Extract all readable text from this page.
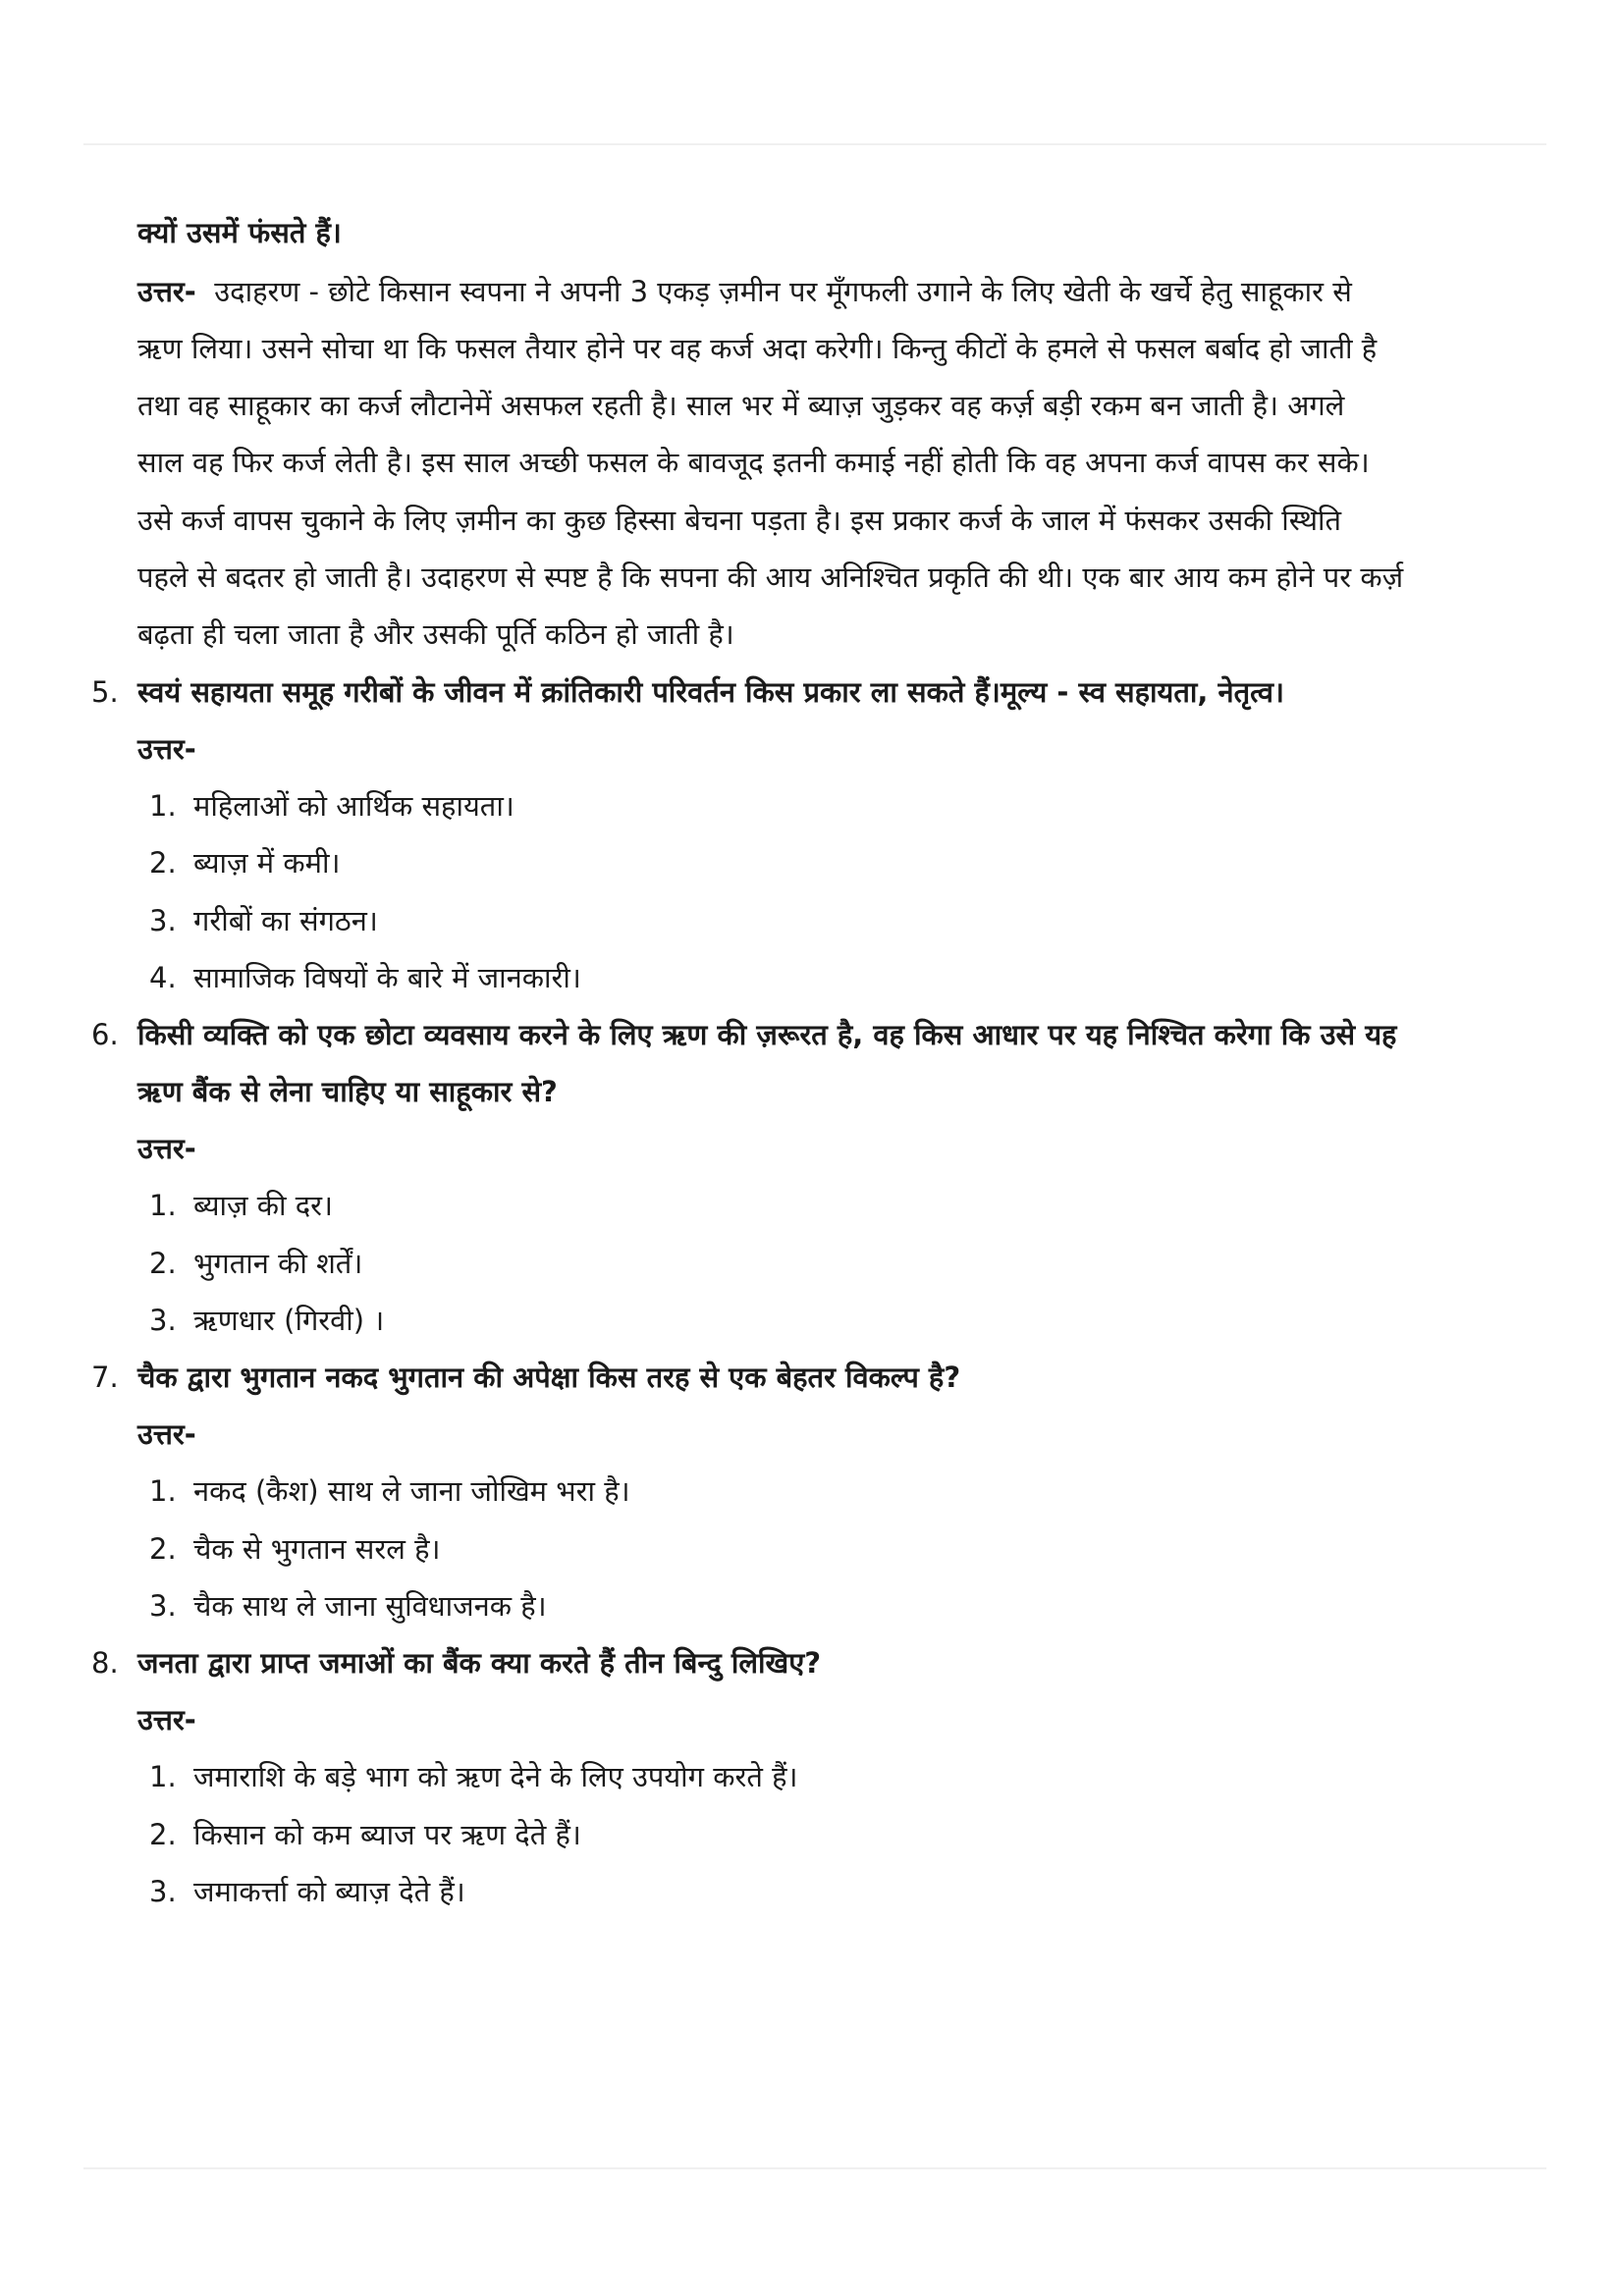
क्यों उसमें फंसते हैं।
उत्तर- उदाहरण - छोटे किसान स्वपना ने अपनी 3 एकड़ ज़मीन पर मूँगफली उगाने के लिए खेती के खर्चे हेतु साहूकार से
ऋण लिया। उसने सोचा था कि फसल तैयार होने पर वह कर्ज अदा करेगी। किन्तु कीटों के हमले से फसल बर्बाद हो जाती है
तथा वह साहूकार का कर्ज लौटानेमें असफल रहती है। साल भर में ब्याज़ जुड़कर वह कर्ज़ बड़ी रकम बन जाती है। अगले
साल वह फिर कर्ज लेती है। इस साल अच्छी फसल के बावजूद इतनी कमाई नहीं होती कि वह अपना कर्ज वापस कर सके।
उसे कर्ज वापस चुकाने के लिए ज़मीन का कुछ हिस्सा बेचना पड़ता है। इस प्रकार कर्ज के जाल में फंसकर उसकी स्थिति
पहले से बदतर हो जाती है। उदाहरण से स्पष्ट है कि सपना की आय अनिश्चित प्रकृति की थी। एक बार आय कम होने पर कर्ज़
बढ़ता ही चला जाता है और उसकी पूर्ति कठिन हो जाती है।
5. स्वयं सहायता समूह गरीबों के जीवन में क्रांतिकारी परिवर्तन किस प्रकार ला सकते हैं।मूल्य - स्व सहायता, नेतृत्व।
उत्तर-
1. महिलाओं को आर्थिक सहायता।
2. ब्याज़ में कमी।
3. गरीबों का संगठन।
4. सामाजिक विषयों के बारे में जानकारी।
6. किसी व्यक्ति को एक छोटा व्यवसाय करने के लिए ऋण की ज़रूरत है, वह किस आधार पर यह निश्चित करेगा कि उसे यह
ऋण बैंक से लेना चाहिए या साहूकार से?
उत्तर-
1. ब्याज़ की दर।
2. भुगतान की शर्तें।
3. ऋणधार (गिरवी) ।
7. चैक द्वारा भुगतान नकद भुगतान की अपेक्षा किस तरह से एक बेहतर विकल्प है?
उत्तर-
1. नकद (कैश) साथ ले जाना जोखिम भरा है।
2. चैक से भुगतान सरल है।
3. चैक साथ ले जाना सुविधाजनक है।
8. जनता द्वारा प्राप्त जमाओं का बैंक क्या करते हैं तीन बिन्दु लिखिए?
उत्तर-
1. जमाराशि के बड़े भाग को ऋण देने के लिए उपयोग करते हैं।
2. किसान को कम ब्याज पर ऋण देते हैं।
3. जमाकर्त्ता को ब्याज़ देते हैं।
